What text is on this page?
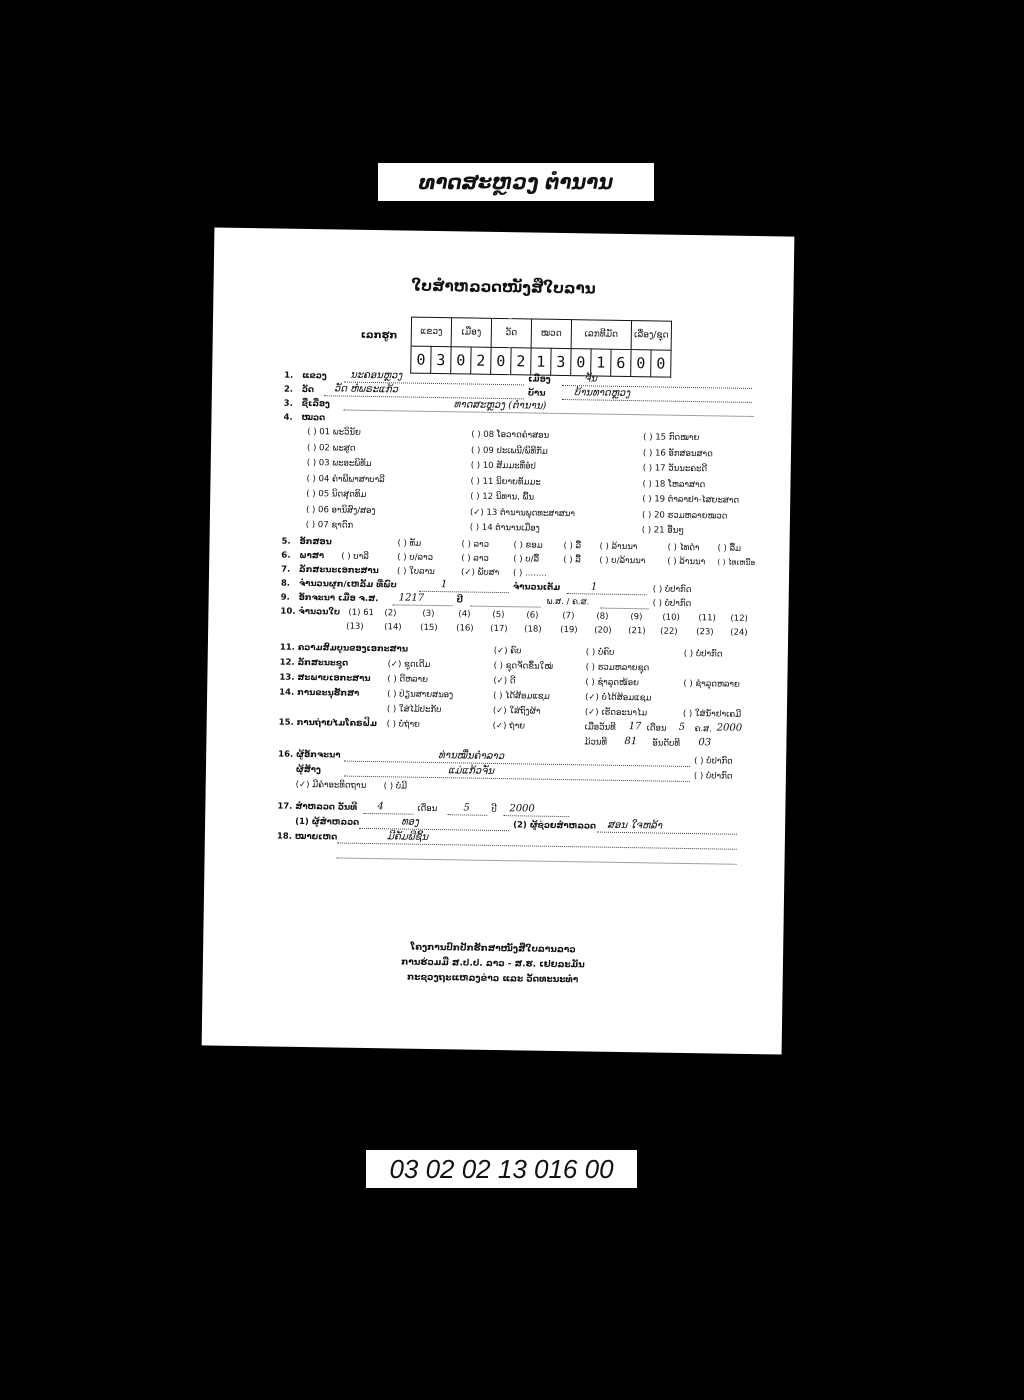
ທາດສະຫຼວງ ຕຳນານ
ໃບສຳຫລວດໜັງສືໃບລານ
ເລກຮູກ	ແຂວງ		ເມືອງ		ວັດ		ໝວດ		ເລກທີມັດ			ເລື່ອງ/ຊຸດ	
0	3	0	2	0	2	1	3	0	1	6	0	0
1.	ແຂວງ ນະຄອນຫຼວງ	ເມືອງ	ຈັນ
2.	ວັດ ວັດ ຫໍພຣະແກ້ວ	ບ້ານ	ບ້ານທາດຫຼວງ
3.	ຊື່ເລື່ອງ	ທາດສະຫຼວງ (ຕຳນານ)
4.	ໝວດ
( ) 01 ພະວິນັຍ
( ) 02 ພະສູດ
( ) 03 ພະອະພິທັມ
( ) 04 ຄຳພີພາສາບາລີ
( ) 05 ນິດສຸດທິມ
( ) 06 ອານິສົງ/ສອງ
( ) 07 ຊາດົກ
( ) 08 ໂອວາດຄຳສອນ
( ) 09 ປະເພນີ/ພິທີກັມ
( ) 10 ສັມມະທີ່ອໍປ
( ) 11 ນິຍາຍທັມມະ
( ) 12 ນິທານ, ພື້ນ
(✓) 13 ຕຳນານພຸດທະສາສນາ
( ) 14 ຕຳນານເມືອງ
( ) 15 ກົດໝາຍ
( ) 16 ອັກສອນສາດ
( ) 17 ວັນນະຄະດີ
( ) 18 ໂຫລາສາດ
( ) 19 ຕຳລາຢາ-ໄສຍະສາດ
( ) 20 ຮວມຫລາຍໝວດ
( ) 21 ອື່ນໆ
5.	ອັກສອນ	( ) ທັມ	( ) ລາວ	( ) ຂອມ ( ) ລື້ ( ) ລ້ານນາ	( ) ໄທດຳ ( ) ລື້ມ
6.	ພາສາ ( ) ບາລີ	( ) ບ/ລາວ	( ) ລາວ	( ) ບ/ລື້	( ) ລື້ ( ) ບ/ລ້ານນາ	( ) ລ້ານນາ ( ) ໄທເຫນືອ
7.	ລັກສະນະເອກະສານ ( ) ໃບລານ	(✓) ພັບສາ ( ) ........
8.	ຈຳນວນຜູກ/ເຫລັ້ມ ທີ່ພົບ	1	ຈຳນວນເຕັມ	1	( ) ບໍ່ປາກົດ
9.	ອັກຈະນາ ເມື່ອ ຈ.ສ. 1217	ປີ	ພ.ສ. / ຄ.ສ.	( ) ບໍ່ປາກົດ
10. ຈຳນວນໃບ (1) 61 (2)	(3)	(4)	(5)	(6)	(7)	(8)	(9) (10) (11) (12)
(13) (14) (15) (16) (17) (18) (19) (20) (21) (22) (23) (24)
11. ຄວາມສົມບູນຂອງເອກະສານ	(✓) ຄົບ	( ) ບໍ່ຄົບ	( ) ບໍ່ປາກົດ
12. ລັກສະນະຊຸດ	(✓) ຊຸດເດີມ	( ) ຊຸດຈັດຂຶ້ນໃໝ່	( ) ຮວມຫລາຍຊຸດ
13. ສະພາບເອກະສານ ( ) ດີຫລາຍ	(✓) ດີ	( ) ຊຳລຸດໜ້ອຍ	( ) ຊຳລຸດຫລາຍ
14. ການຂະນຸຮັກສາ	( ) ປ່ຽນສາຍສນອງ	( ) ໄດ້ສ້ອມແຊມ	(✓) ບໍ່ໄດ້ສ້ອມແຊມ
( ) ໃສ່ໄມ້ປະກັບ	(✓) ໃສ່ຖົງຜ້າ	(✓) ເຮັດອະນາໄມ	( ) ໃສ່ນ້ຳຢາເຄມີ
15. ການຖ່າຍໄມໂຄຣຟິມ ( ) ບໍ່ຖ່າຍ	(✓) ຖ່າຍ	ເມື່ອວັນທີ 17 ເດືອນ 5 ຄ.ສ. 2000
ມ້ວນທີ 81 ອັນດັບທີ 03
16. ຜູ້ອັກຈະນາ	ທ່ານໝື່ນຄຳລາວ	( ) ບໍ່ປາກົດ
ຜູ້ສ້າງ	ແມ່ແກ້ວຈັນ	( ) ບໍ່ປາກົດ
(✓) ມີຄຳອະທິດຖານ ( ) ບໍ່ມີ
17. ສຳຫລວດ ວັນທີ 4	ເດືອນ	5	ປີ 2000
(1) ຜູ້ສຳຫລວດ	ທອງ	(2) ຜູ້ຊ່ວຍສຳຫລວດ ສອນ ໃຈຫລ້າ
18. ໝາຍເຫດ	ມີຄັມພີຊິ້ນ
ໂຄງການປົກປັກຮັກສາໜັງສືໃບລານລາວ
ການຮ່ວມມື ສ.ປ.ປ. ລາວ - ສ.ຮ. ເຢຍລະມັນ
ກະຊວງຖະແຫລງຂ່າວ ແລະ ວັດທະນະທຳ
03 02 02 13 016 00
